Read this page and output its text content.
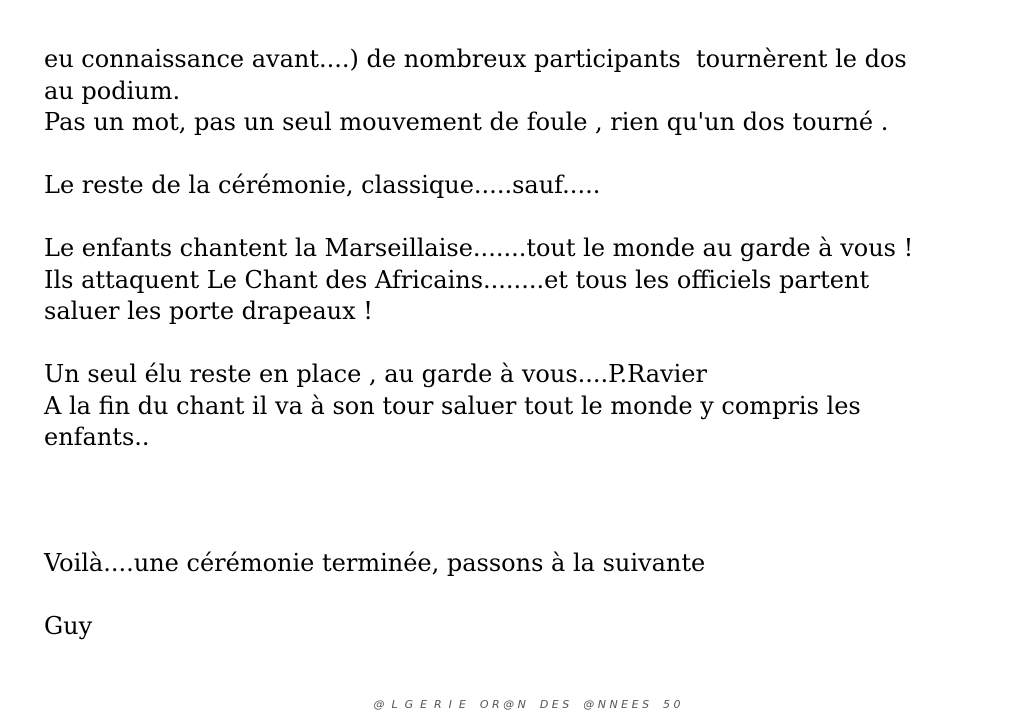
eu connaissance avant....) de nombreux participants  tournèrent le dos
au podium.
Pas un mot, pas un seul mouvement de foule , rien qu'un dos tourné .
Le reste de la cérémonie, classique.....sauf.....
Le enfants chantent la Marseillaise.......tout le monde au garde à vous !
Ils attaquent Le Chant des Africains........et tous les officiels partent
saluer les porte drapeaux !
Un seul élu reste en place , au garde à vous....P.Ravier
A la fin du chant il va à son tour saluer tout le monde y compris les
enfants..
Voilà....une cérémonie terminée, passons à la suivante
Guy
@  L  G  E  R  I  E    O R @ N    D E S    @ N N E E S    5 0
